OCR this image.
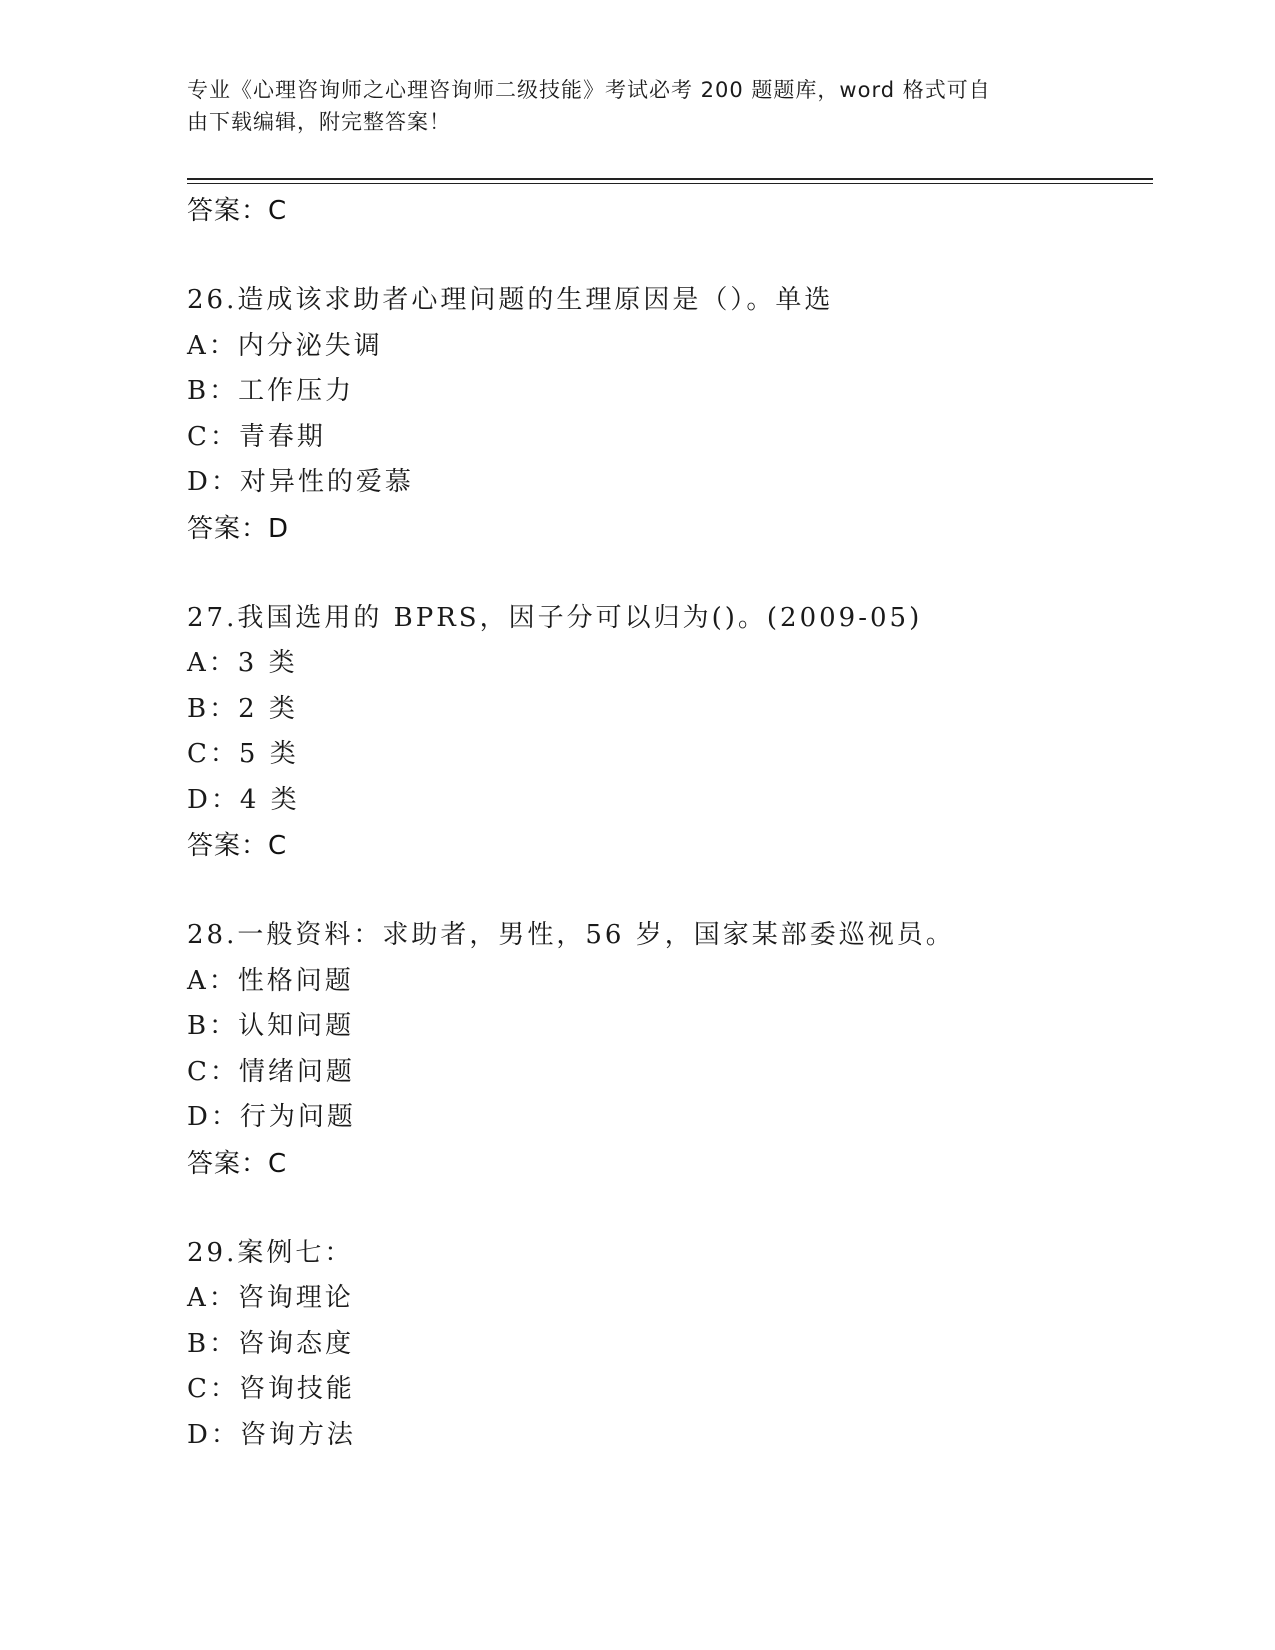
专业《心理咨询师之心理咨询师二级技能》考试必考 200 题题库，word 格式可自
由下载编辑，附完整答案！
答案：C
26.造成该求助者心理问题的生理原因是（）。单选
A：内分泌失调
B：工作压力
C：青春期
D：对异性的爱慕
答案：D
27.我国选用的 BPRS，因子分可以归为()。(2009-05)
A：3 类
B：2 类
C：5 类
D：4 类
答案：C
28.一般资料：求助者，男性，56 岁，国家某部委巡视员。
A：性格问题
B：认知问题
C：情绪问题
D：行为问题
答案：C
29.案例七：
A：咨询理论
B：咨询态度
C：咨询技能
D：咨询方法
